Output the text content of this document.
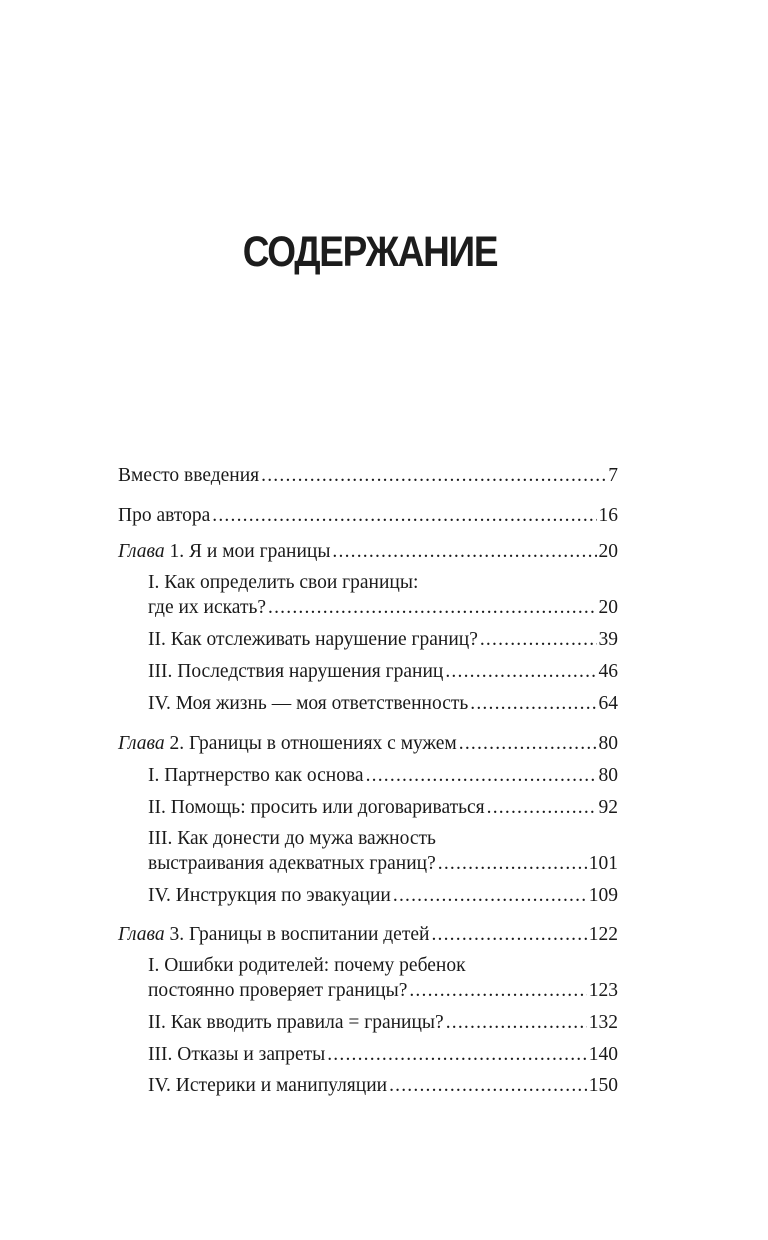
СОДЕРЖАНИЕ
Вместо введения .....	7
Про автора .....	16
Глава 1. Я и мои границы .....	20
I. Как определить свои границы:
где их искать? .....	20
II. Как отслеживать нарушение границ? .....	39
III. Последствия нарушения границ .....	46
IV. Моя жизнь — моя ответственность .....	64
Глава 2. Границы в отношениях с мужем .....	80
I. Партнерство как основа .....	80
II. Помощь: просить или договариваться .....	92
III. Как донести до мужа важность
выстраивания адекватных границ? .....	101
IV. Инструкция по эвакуации .....	109
Глава 3. Границы в воспитании детей .....	122
I. Ошибки родителей: почему ребенок
постоянно проверяет границы? .....	123
II. Как вводить правила = границы? .....	132
III. Отказы и запреты .....	140
IV. Истерики и манипуляции .....	150
